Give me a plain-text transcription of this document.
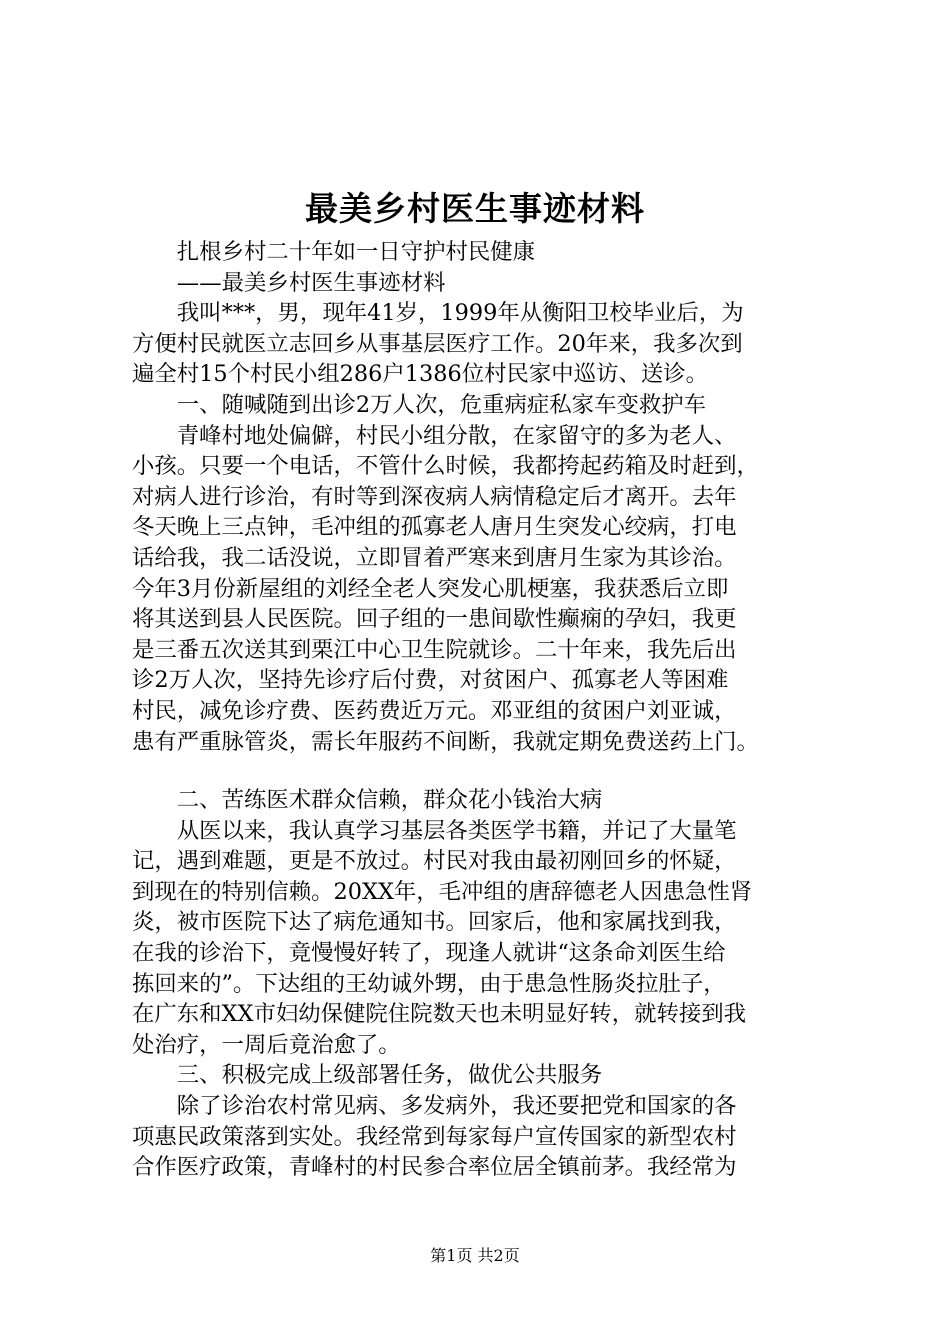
最美乡村医生事迹材料
扎根乡村二十年如一日守护村民健康
——最美乡村医生事迹材料
我叫***，男，现年41岁，1999年从衡阳卫校毕业后，为
方便村民就医立志回乡从事基层医疗工作。20年来，我多次到
遍全村15个村民小组286户1386位村民家中巡访、送诊。
一、随喊随到出诊2万人次，危重病症私家车变救护车
青峰村地处偏僻，村民小组分散，在家留守的多为老人、
小孩。只要一个电话，不管什么时候，我都挎起药箱及时赶到，
对病人进行诊治，有时等到深夜病人病情稳定后才离开。去年
冬天晚上三点钟，毛冲组的孤寡老人唐月生突发心绞病，打电
话给我，我二话没说，立即冒着严寒来到唐月生家为其诊治。
今年3月份新屋组的刘经全老人突发心肌梗塞，我获悉后立即
将其送到县人民医院。回子组的一患间歇性癫痫的孕妇，我更
是三番五次送其到栗江中心卫生院就诊。二十年来，我先后出
诊2万人次，坚持先诊疗后付费，对贫困户、孤寡老人等困难
村民，减免诊疗费、医药费近万元。邓亚组的贫困户刘亚诚，
患有严重脉管炎，需长年服药不间断，我就定期免费送药上门。
二、苦练医术群众信赖，群众花小钱治大病
从医以来，我认真学习基层各类医学书籍，并记了大量笔
记，遇到难题，更是不放过。村民对我由最初刚回乡的怀疑，
到现在的特别信赖。20XX年，毛冲组的唐辞德老人因患急性肾
炎，被市医院下达了病危通知书。回家后，他和家属找到我，
在我的诊治下，竟慢慢好转了，现逢人就讲“这条命刘医生给
拣回来的”。下达组的王幼诚外甥，由于患急性肠炎拉肚子，
在广东和XX市妇幼保健院住院数天也未明显好转，就转接到我
处治疗，一周后竟治愈了。
三、积极完成上级部署任务，做优公共服务
除了诊治农村常见病、多发病外，我还要把党和国家的各
项惠民政策落到实处。我经常到每家每户宣传国家的新型农村
合作医疗政策，青峰村的村民参合率位居全镇前茅。我经常为
第1页 共2页
